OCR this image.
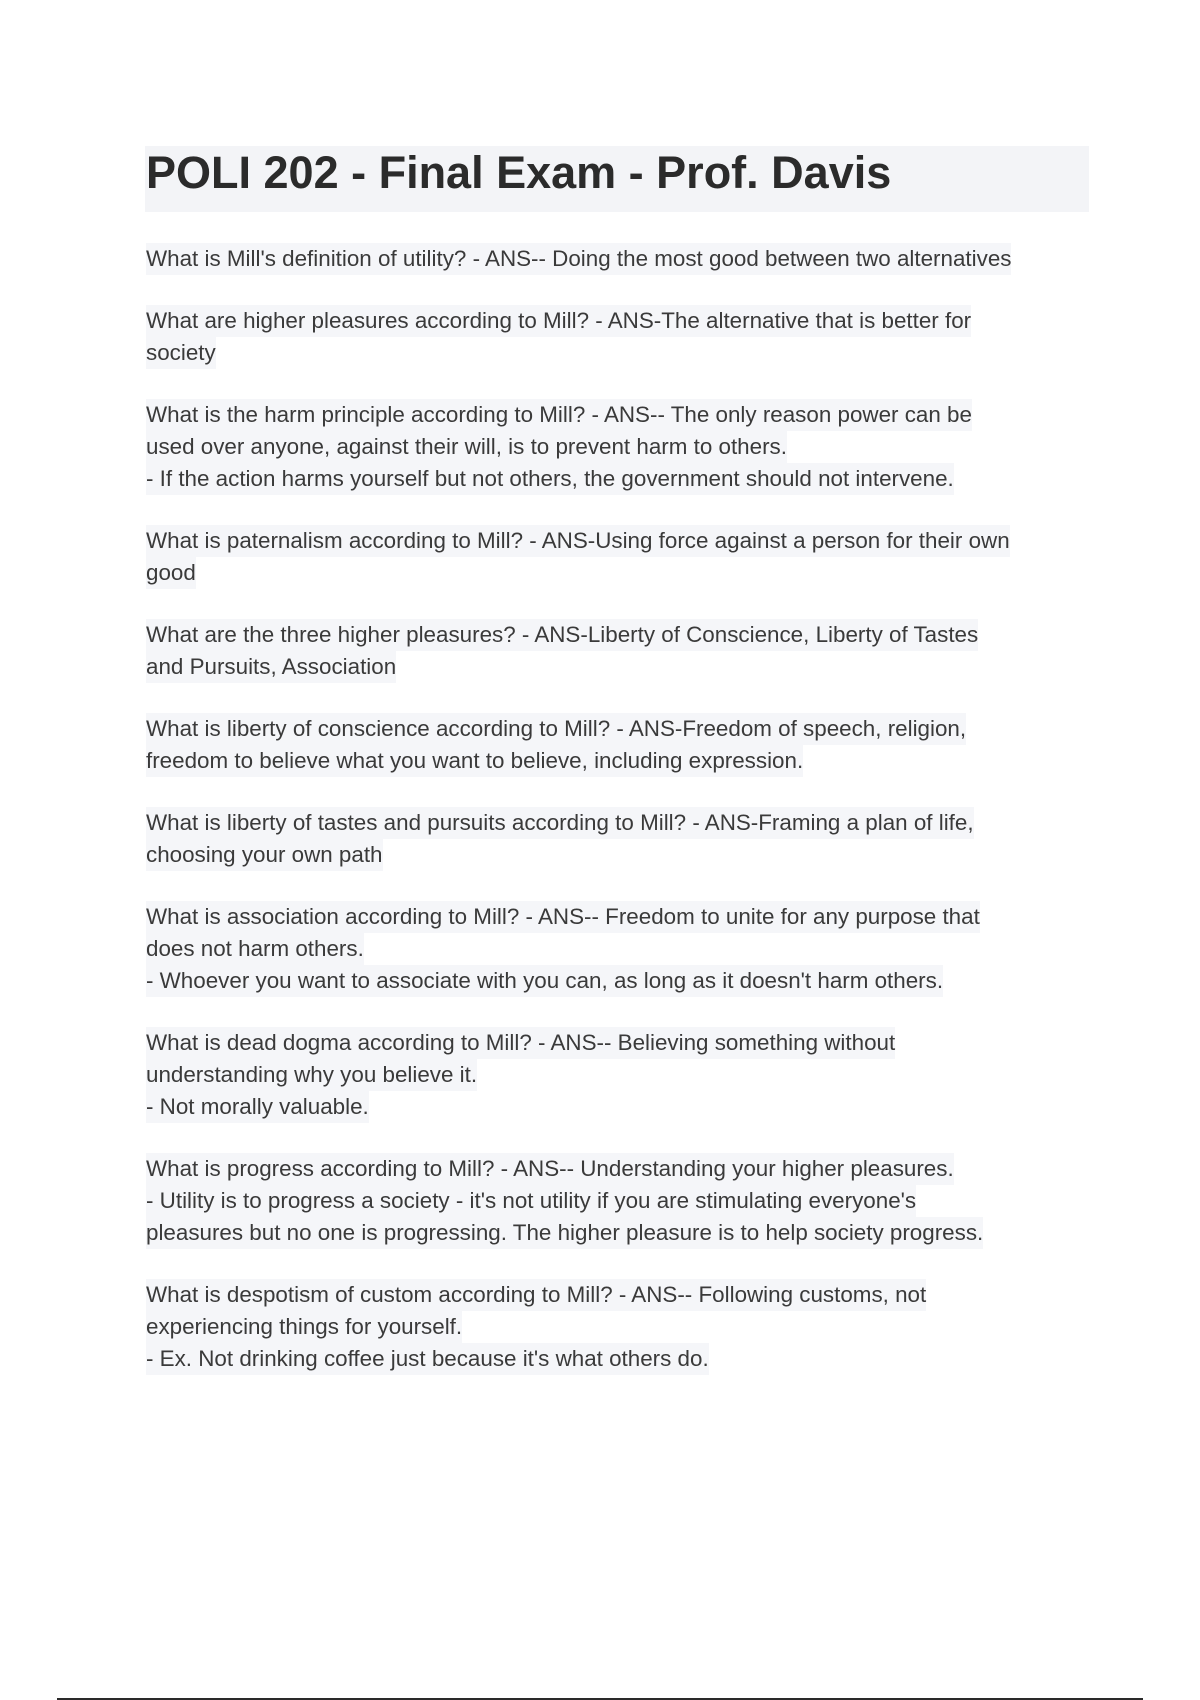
POLI 202 - Final Exam - Prof. Davis
What is Mill's definition of utility? - ANS-- Doing the most good between two alternatives
What are higher pleasures according to Mill? - ANS-The alternative that is better for
society
What is the harm principle according to Mill? - ANS-- The only reason power can be
used over anyone, against their will, is to prevent harm to others.
- If the action harms yourself but not others, the government should not intervene.
What is paternalism according to Mill? - ANS-Using force against a person for their own
good
What are the three higher pleasures? - ANS-Liberty of Conscience, Liberty of Tastes
and Pursuits, Association
What is liberty of conscience according to Mill? - ANS-Freedom of speech, religion,
freedom to believe what you want to believe, including expression.
What is liberty of tastes and pursuits according to Mill? - ANS-Framing a plan of life,
choosing your own path
What is association according to Mill? - ANS-- Freedom to unite for any purpose that
does not harm others.
- Whoever you want to associate with you can, as long as it doesn't harm others.
What is dead dogma according to Mill? - ANS-- Believing something without
understanding why you believe it.
- Not morally valuable.
What is progress according to Mill? - ANS-- Understanding your higher pleasures.
- Utility is to progress a society - it's not utility if you are stimulating everyone's
pleasures but no one is progressing. The higher pleasure is to help society progress.
What is despotism of custom according to Mill? - ANS-- Following customs, not
experiencing things for yourself.
- Ex. Not drinking coffee just because it's what others do.
